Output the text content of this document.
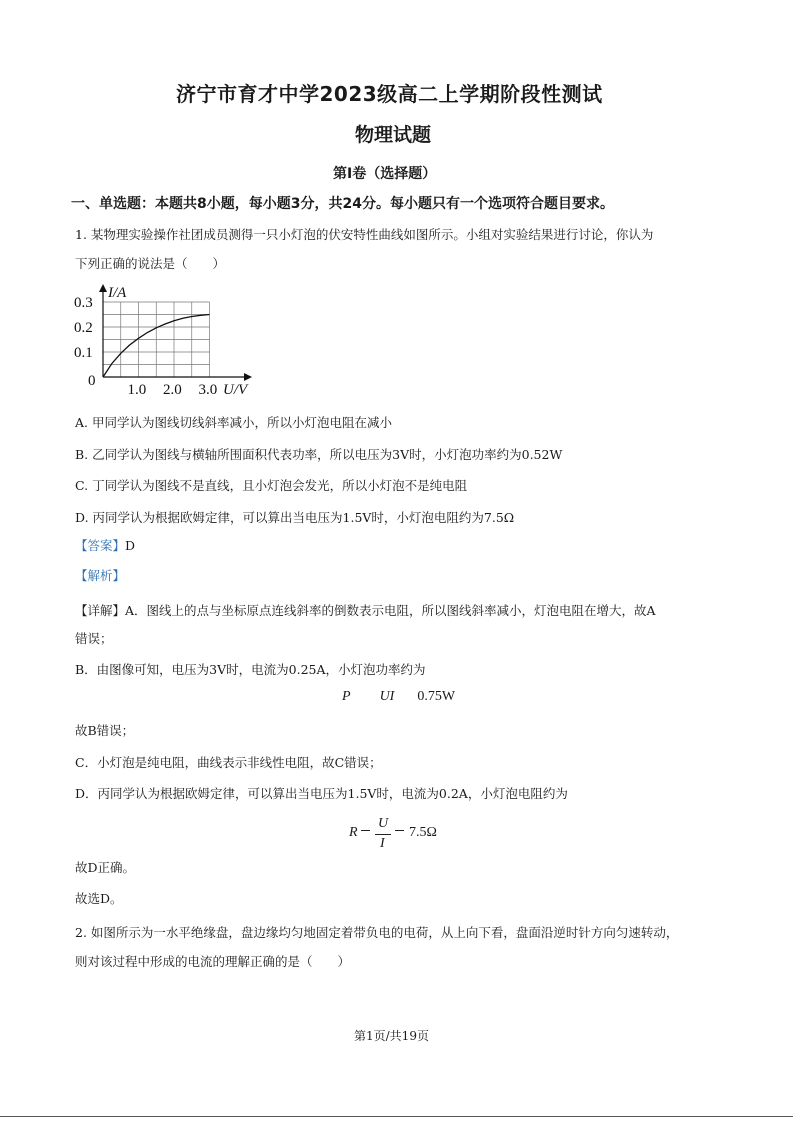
济宁市育才中学2023级高二上学期阶段性测试
物理试题
第I卷（选择题）
一、单选题：本题共8小题，每小题3分，共24分。每小题只有一个选项符合题目要求。
1. 某物理实验操作社团成员测得一只小灯泡的伏安特性曲线如图所示。小组对实验结果进行讨论，你认为
下列正确的说法是（　　）
I/A
U/V
0
1.0 2.0 3.0
0.3
0.2
0.1
A. 甲同学认为图线切线斜率减小，所以小灯泡电阻在减小
B. 乙同学认为图线与横轴所围面积代表功率，所以电压为3V时，小灯泡功率约为0.52W
C. 丁同学认为图线不是直线，且小灯泡会发光，所以小灯泡不是纯电阻
D. 丙同学认为根据欧姆定律，可以算出当电压为1.5V时，小灯泡电阻约为7.5Ω
【答案】D
【解析】
【详解】A．图线上的点与坐标原点连线斜率的倒数表示电阻，所以图线斜率减小，灯泡电阻在增大，故A
错误；
B．由图像可知，电压为3V时，电流为0.25A，小灯泡功率约为
P UI 0.75W
故B错误；
C．小灯泡是纯电阻，曲线表示非线性电阻，故C错误；
D．丙同学认为根据欧姆定律，可以算出当电压为1.5V时，电流为0.2A，小灯泡电阻约为
R
U
I
7.5Ω
故D正确。
故选D。
2. 如图所示为一水平绝缘盘，盘边缘均匀地固定着带负电的电荷，从上向下看，盘面沿逆时针方向匀速转动，
则对该过程中形成的电流的理解正确的是（　　）
第1页/共19页
